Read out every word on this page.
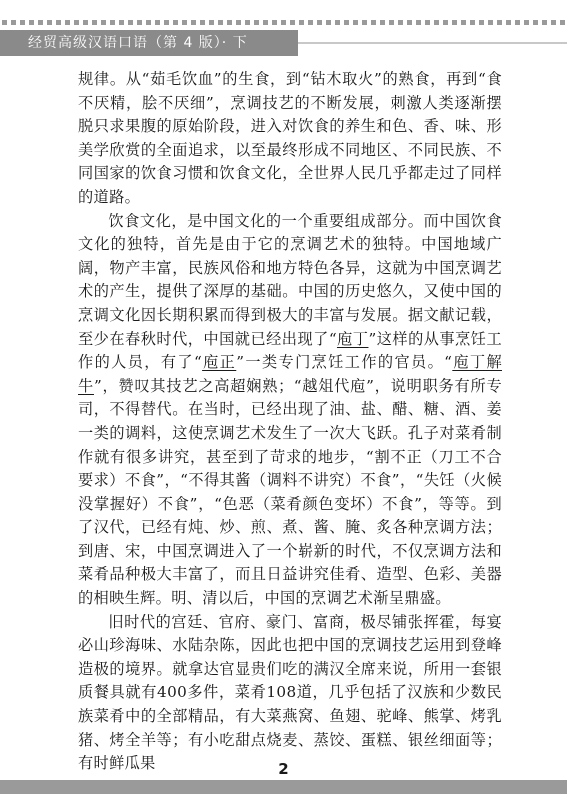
经贸高级汉语口语（第 4 版）· 下

规律。从“茹毛饮血”的生食，到“钻木取火”的熟食，再到“食不厌精，脍不厌细”，烹调技艺的不断发展，刺激人类逐渐摆脱只求果腹的原始阶段，进入对饮食的养生和色、香、味、形美学欣赏的全面追求，以至最终形成不同地区、不同民族、不同国家的饮食习惯和饮食文化，全世界人民几乎都走过了同样的道路。

饮食文化，是中国文化的一个重要组成部分。而中国饮食文化的独特，首先是由于它的烹调艺术的独特。中国地域广阔，物产丰富，民族风俗和地方特色各异，这就为中国烹调艺术的产生，提供了深厚的基础。中国的历史悠久，又使中国的烹调文化因长期积累而得到极大的丰富与发展。据文献记载，至少在春秋时代，中国就已经出现了“庖丁”这样的从事烹饪工作的人员，有了“庖正”一类专门烹饪工作的官员。“庖丁解牛”，赞叹其技艺之高超娴熟；“越俎代庖”，说明职务有所专司，不得替代。在当时，已经出现了油、盐、醋、糖、酒、姜一类的调料，这使烹调艺术发生了一次大飞跃。孔子对菜肴制作就有很多讲究，甚至到了苛求的地步，“割不正（刀工不合要求）不食”，“不得其酱（调料不讲究）不食”，“失饪（火候没掌握好）不食”，“色恶（菜肴颜色变坏）不食”，等等。到了汉代，已经有炖、炒、煎、煮、酱、腌、炙各种烹调方法；到唐、宋，中国烹调进入了一个崭新的时代，不仅烹调方法和菜肴品种极大丰富了，而且日益讲究佳肴、造型、色彩、美器的相映生辉。明、清以后，中国的烹调艺术渐呈鼎盛。

旧时代的宫廷、官府、豪门、富商，极尽铺张挥霍，每宴必山珍海味、水陆杂陈，因此也把中国的烹调技艺运用到登峰造极的境界。就拿达官显贵们吃的满汉全席来说，所用一套银质餐具就有400多件，菜肴108道，几乎包括了汉族和少数民族菜肴中的全部精品，有大菜燕窝、鱼翅、驼峰、熊掌、烤乳猪、烤全羊等；有小吃甜点烧麦、蒸饺、蛋糕、银丝细面等；有时鲜瓜果	2
